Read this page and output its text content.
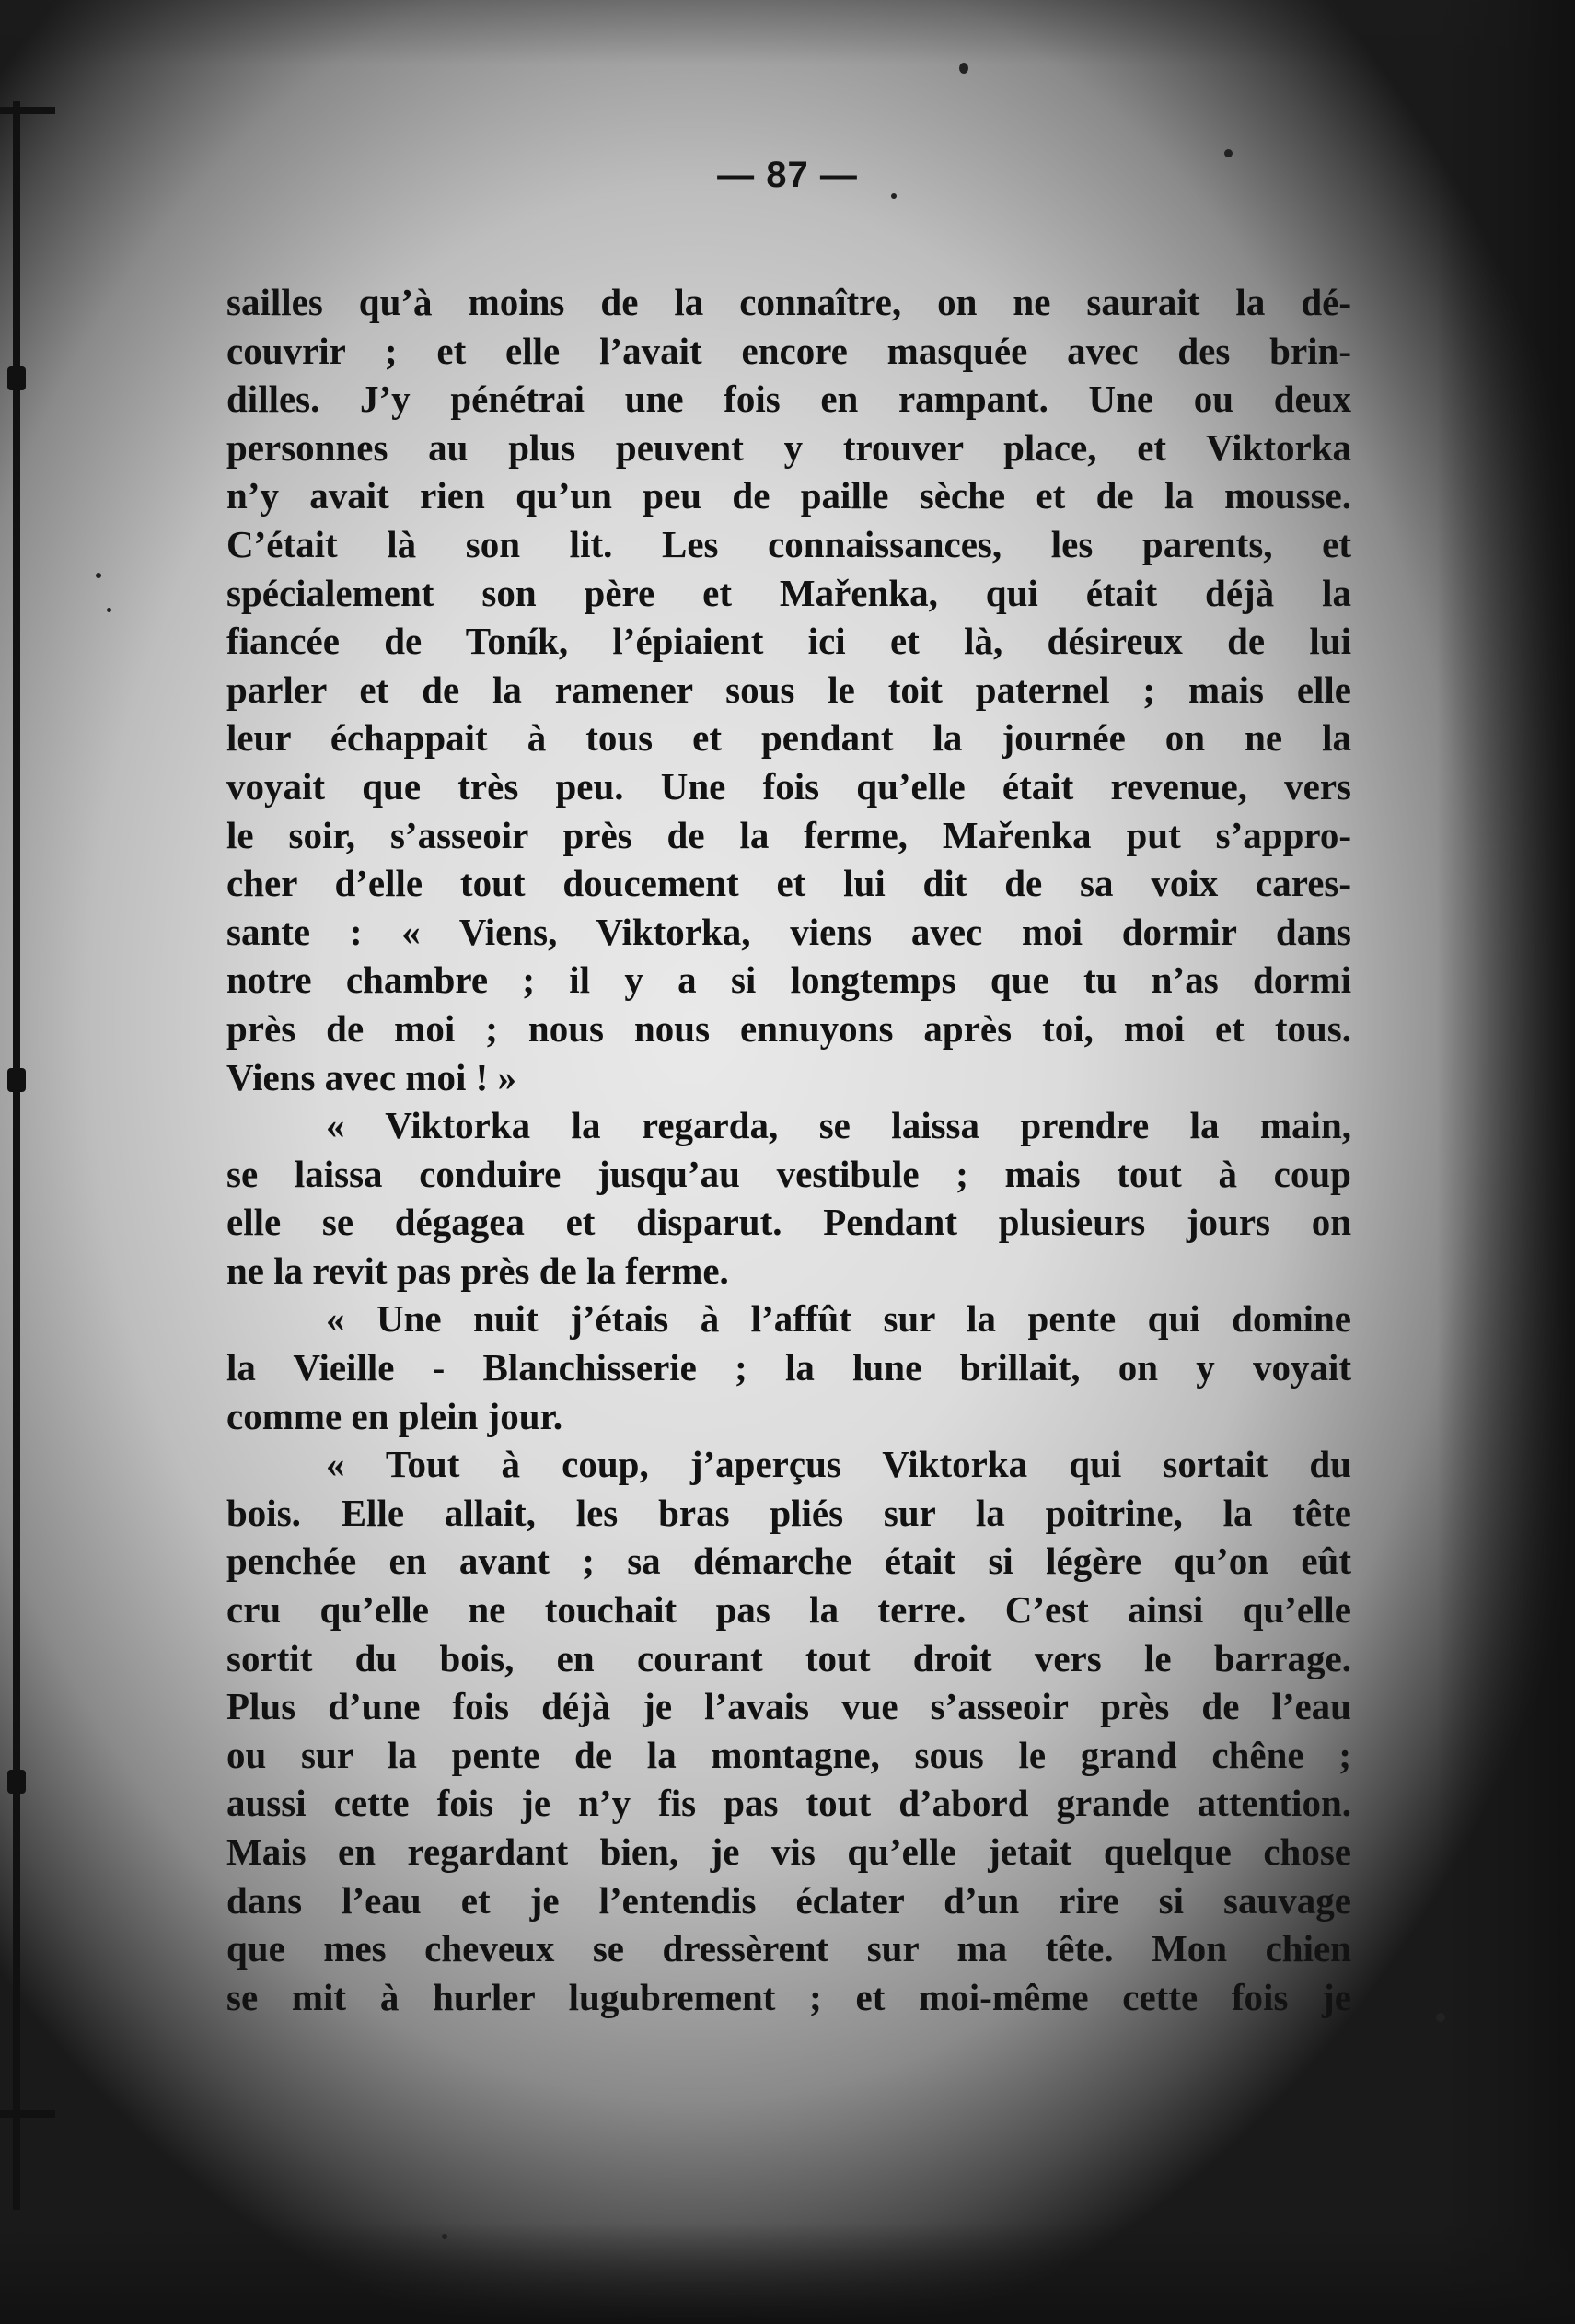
— 87 —
sailles qu’à moins de la connaître, on ne saurait la dé-
couvrir ; et elle l’avait encore masquée avec des brin-
dilles. J’y pénétrai une fois en rampant. Une ou deux
personnes au plus peuvent y trouver place, et Viktorka
n’y avait rien qu’un peu de paille sèche et de la mousse.
C’était là son lit. Les connaissances, les parents, et
spécialement son père et Mařenka, qui était déjà la
fiancée de Toník, l’épiaient ici et là, désireux de lui
parler et de la ramener sous le toit paternel ; mais elle
leur échappait à tous et pendant la journée on ne la
voyait que très peu. Une fois qu’elle était revenue, vers
le soir, s’asseoir près de la ferme, Mařenka put s’appro-
cher d’elle tout doucement et lui dit de sa voix cares-
sante : « Viens, Viktorka, viens avec moi dormir dans
notre chambre ; il y a si longtemps que tu n’as dormi
près de moi ; nous nous ennuyons après toi, moi et tous.
Viens avec moi ! »
« Viktorka la regarda, se laissa prendre la main,
se laissa conduire jusqu’au vestibule ; mais tout à coup
elle se dégagea et disparut. Pendant plusieurs jours on
ne la revit pas près de la ferme.
« Une nuit j’étais à l’affût sur la pente qui domine
la Vieille - Blanchisserie ; la lune brillait, on y voyait
comme en plein jour.
« Tout à coup, j’aperçus Viktorka qui sortait du
bois. Elle allait, les bras pliés sur la poitrine, la tête
penchée en avant ; sa démarche était si légère qu’on eût
cru qu’elle ne touchait pas la terre. C’est ainsi qu’elle
sortit du bois, en courant tout droit vers le barrage.
Plus d’une fois déjà je l’avais vue s’asseoir près de l’eau
ou sur la pente de la montagne, sous le grand chêne ;
aussi cette fois je n’y fis pas tout d’abord grande attention.
Mais en regardant bien, je vis qu’elle jetait quelque chose
dans l’eau et je l’entendis éclater d’un rire si sauvage
que mes cheveux se dressèrent sur ma tête. Mon chien
se mit à hurler lugubrement ; et moi-même cette fois je
